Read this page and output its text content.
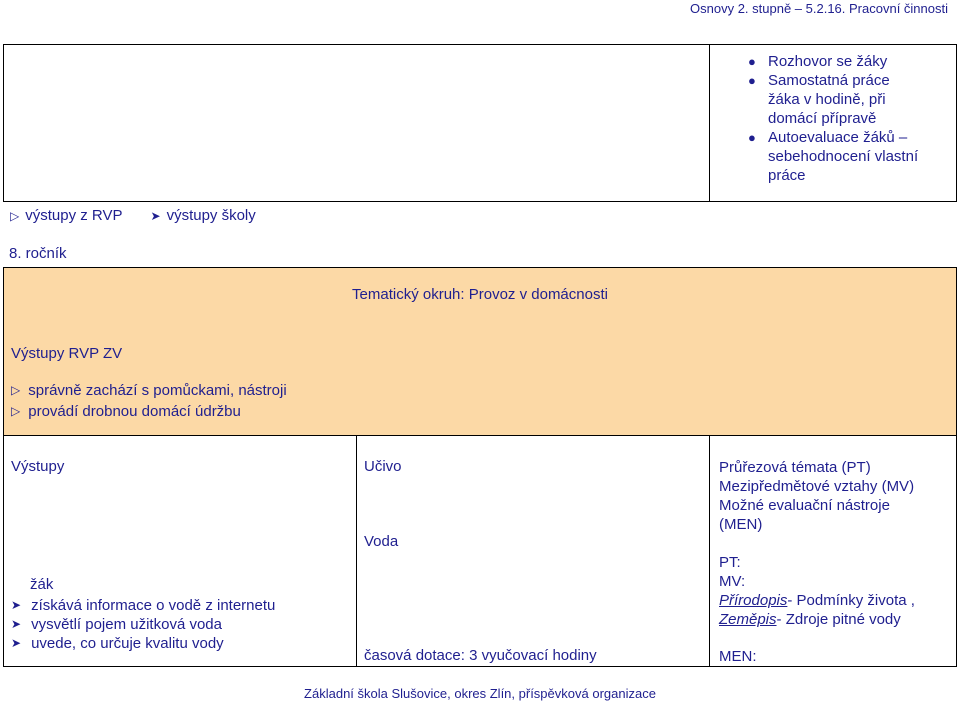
Osnovy 2. stupně – 5.2.16. Pracovní činnosti
● Rozhovor se žáky
● Samostatná práce
žáka v hodině, při
domácí přípravě
● Autoevaluace žáků –
sebehodnocení vlastní
práce
▷ výstupy z RVP ➤ výstupy školy
8. ročník
Tematický okruh: Provoz v domácnosti
Výstupy RVP ZV
▷ správně zachází s pomůckami, nástroji
▷ provádí drobnou domácí údržbu
Výstupy
žák
➤ získává informace o vodě z internetu
➤ vysvětlí pojem užitková voda
➤ uvede, co určuje kvalitu vody
Učivo
Voda
časová dotace: 3 vyučovací hodiny
Průřezová témata (PT)
Mezipředmětové vztahy (MV)
Možné evaluační nástroje
(MEN)
PT:
MV:
Přírodopis- Podmínky života ,
Zeměpis- Zdroje pitné vody
MEN:
Základní škola Slušovice, okres Zlín, příspěvková organizace
